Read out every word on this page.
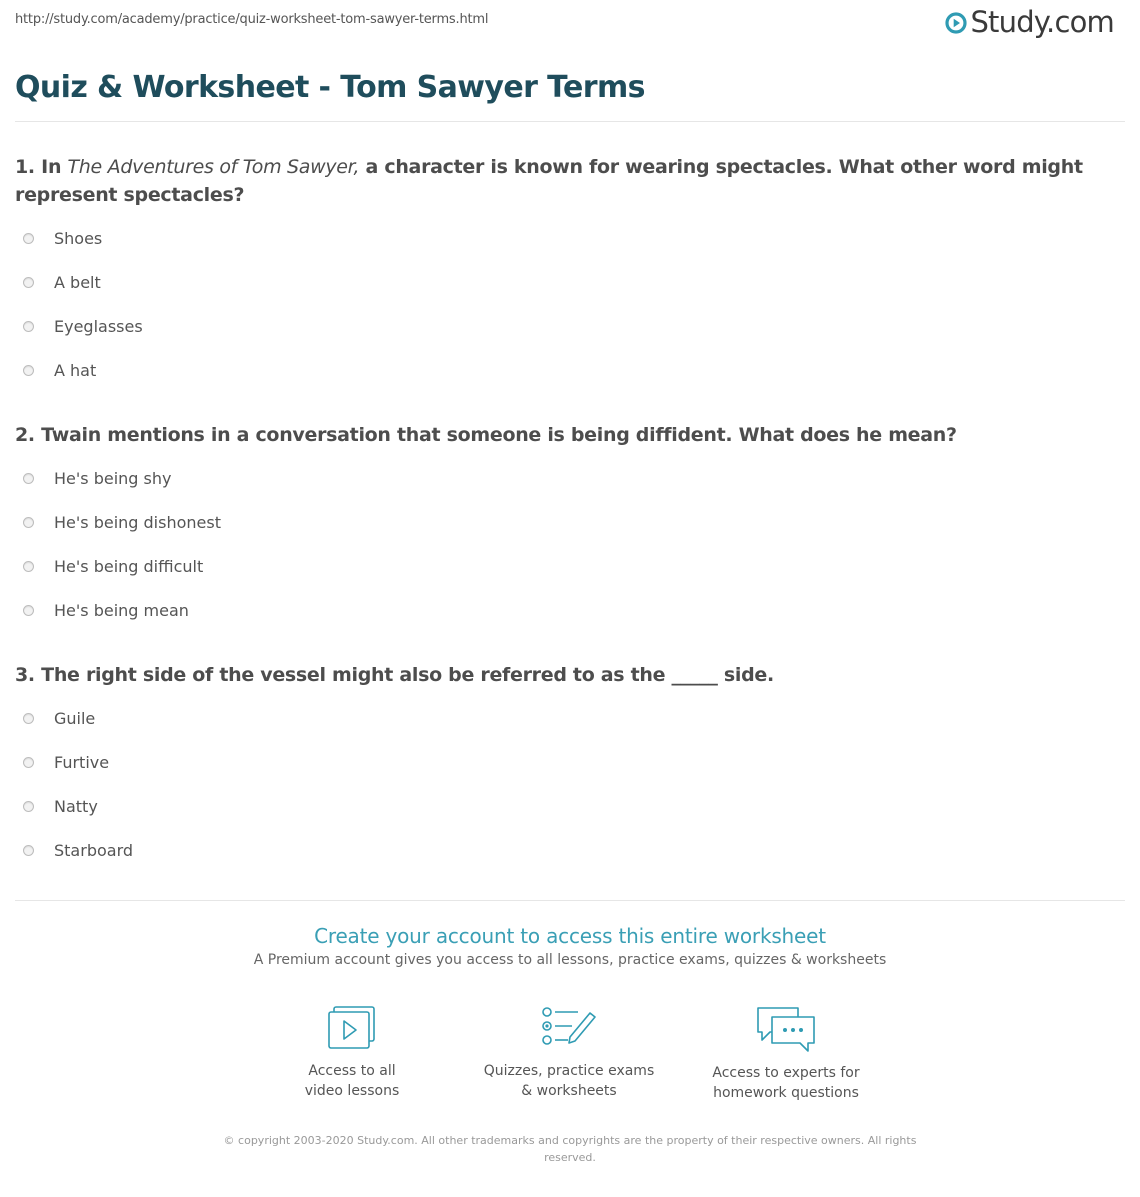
http://study.com/academy/practice/quiz-worksheet-tom-sawyer-terms.html	Study.com
Quiz & Worksheet - Tom Sawyer Terms
1. In The Adventures of Tom Sawyer, a character is known for wearing spectacles. What other word might represent spectacles?
Shoes
A belt
Eyeglasses
A hat
2. Twain mentions in a conversation that someone is being diffident. What does he mean?
He's being shy
He's being dishonest
He's being difficult
He's being mean
3. The right side of the vessel might also be referred to as the _____ side.
Guile
Furtive
Natty
Starboard
Create your account to access this entire worksheet
A Premium account gives you access to all lessons, practice exams, quizzes & worksheets
Access to all
video lessons
Quizzes, practice exams
& worksheets
Access to experts for
homework questions
© copyright 2003-2020 Study.com. All other trademarks and copyrights are the property of their respective owners. All rights reserved.
